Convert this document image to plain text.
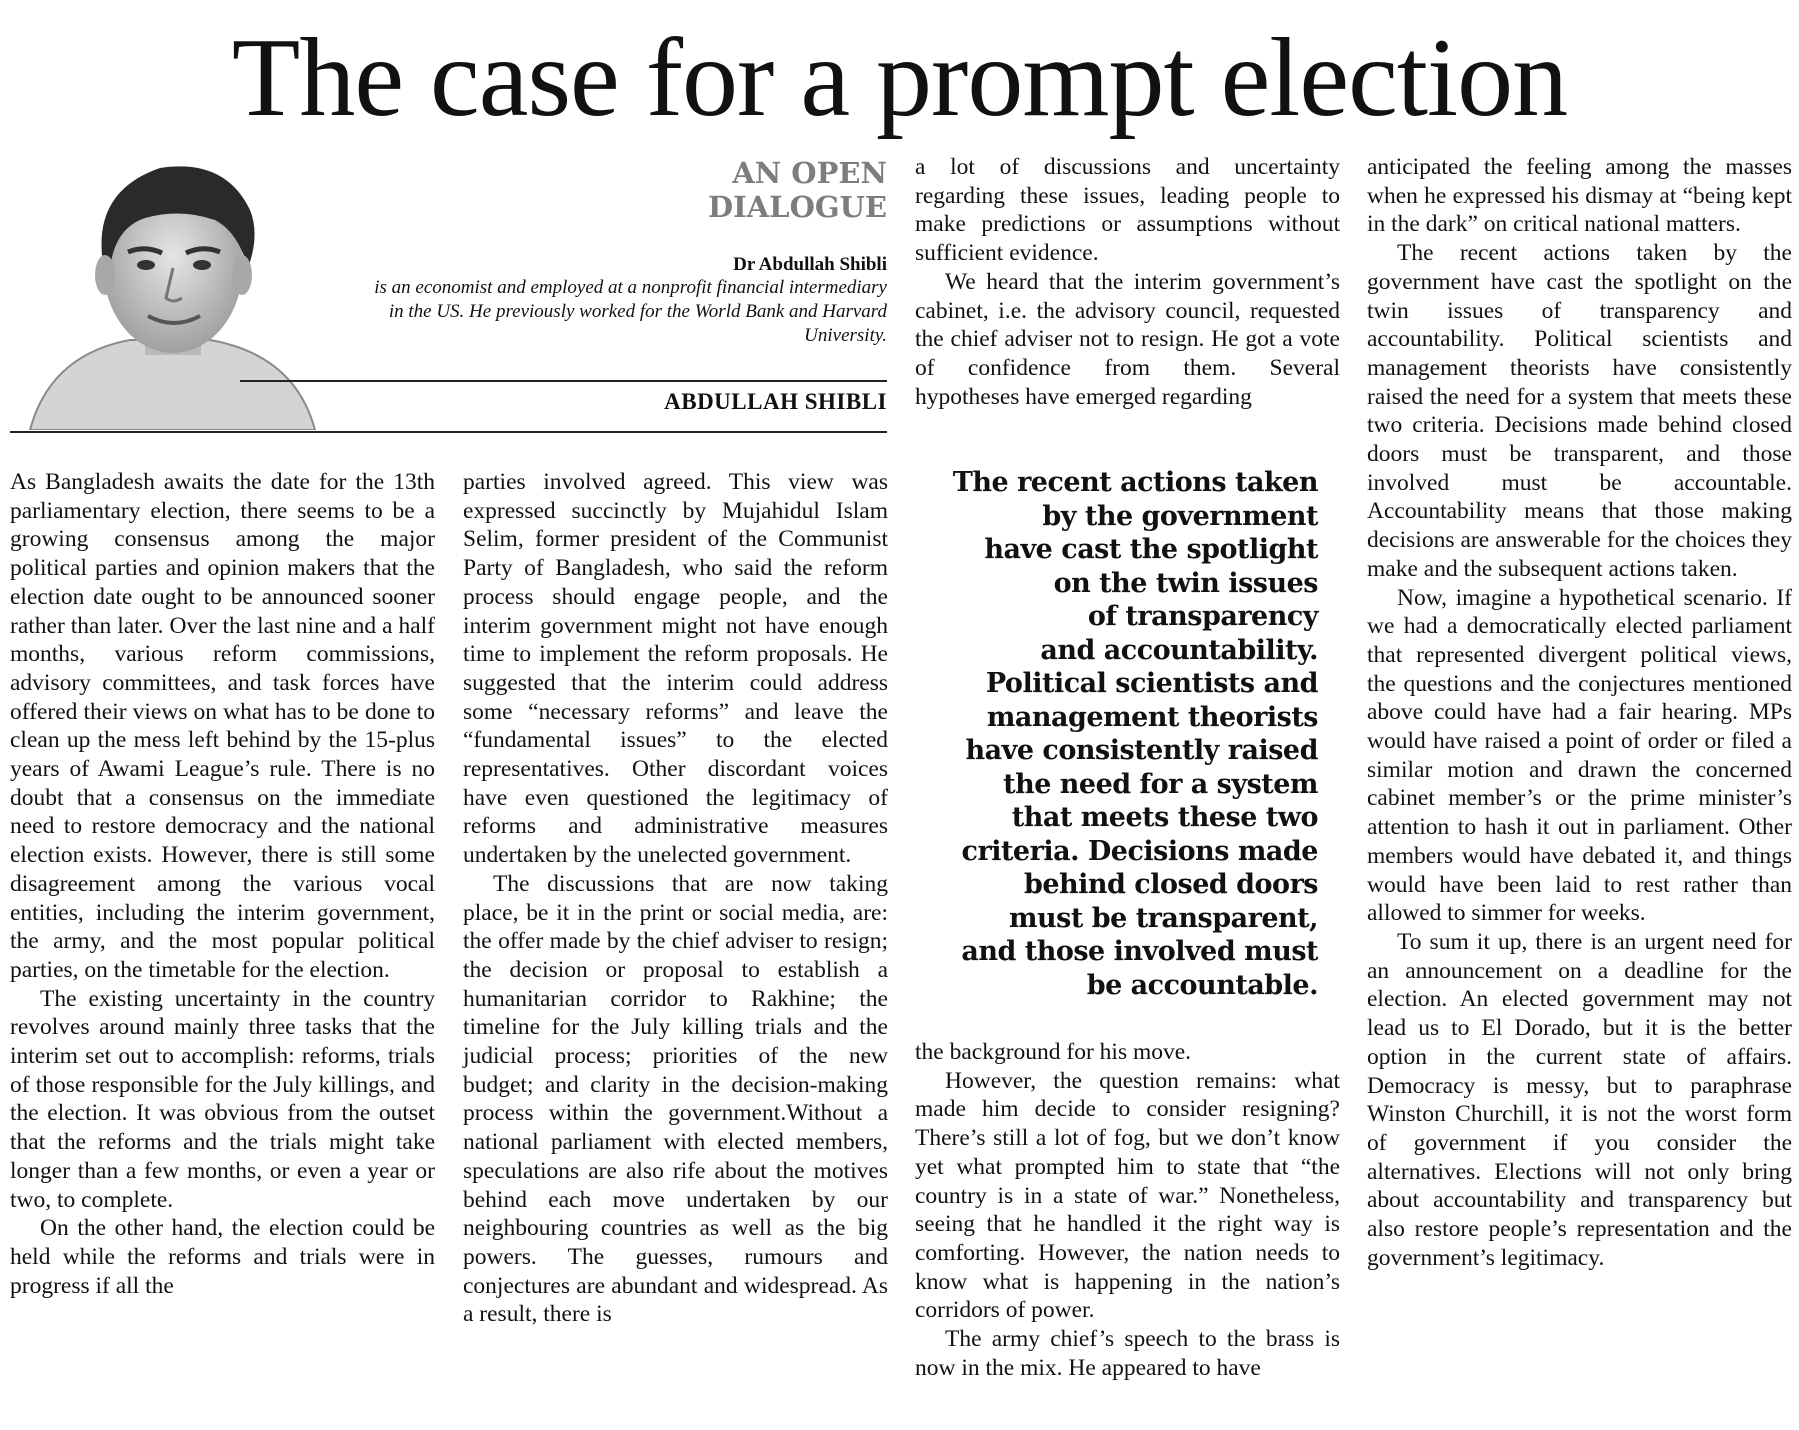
The case for a prompt election
AN OPEN DIALOGUE
Dr Abdullah Shibli
is an economist and employed at a nonprofit financial intermediary in the US. He previously worked for the World Bank and Harvard University.
ABDULLAH SHIBLI

As Bangladesh awaits the date for the 13th parliamentary election, there seems to be a growing consensus among the major political parties and opinion makers that the election date ought to be announced sooner rather than later. Over the last nine and a half months, various reform commissions, advisory committees, and task forces have offered their views on what has to be done to clean up the mess left behind by the 15-plus years of Awami League’s rule. There is no doubt that a consensus on the immediate need to restore democracy and the national election exists. However, there is still some disagreement among the various vocal entities, including the interim government, the army, and the most popular political parties, on the timetable for the election.

The existing uncertainty in the country revolves around mainly three tasks that the interim set out to accomplish: reforms, trials of those responsible for the July killings, and the election. It was obvious from the outset that the reforms and the trials might take longer than a few months, or even a year or two, to complete.

On the other hand, the election could be held while the reforms and trials were in progress if all the

parties involved agreed. This view was expressed succinctly by Mujahidul Islam Selim, former president of the Communist Party of Bangladesh, who said the reform process should engage people, and the interim government might not have enough time to implement the reform proposals. He suggested that the interim could address some “necessary reforms” and leave the “fundamental issues” to the elected representatives. Other discordant voices have even questioned the legitimacy of reforms and administrative measures undertaken by the unelected government.

The discussions that are now taking place, be it in the print or social media, are: the offer made by the chief adviser to resign; the decision or proposal to establish a humanitarian corridor to Rakhine; the timeline for the July killing trials and the judicial process; priorities of the new budget; and clarity in the decision-making process within the government.Without a national parliament with elected members, speculations are also rife about the motives behind each move undertaken by our neighbouring countries as well as the big powers. The guesses, rumours and conjectures are abundant and widespread. As a result, there is

a lot of discussions and uncertainty regarding these issues, leading people to make predictions or assumptions without sufficient evidence.

We heard that the interim government’s cabinet, i.e. the advisory council, requested the chief adviser not to resign. He got a vote of confidence from them. Several hypotheses have emerged regarding

The recent actions taken
by the government
have cast the spotlight
on the twin issues
of transparency
and accountability.
Political scientists and
management theorists
have consistently raised
the need for a system
that meets these two
criteria. Decisions made
behind closed doors
must be transparent,
and those involved must
be accountable.

the background for his move.

However, the question remains: what made him decide to consider resigning? There’s still a lot of fog, but we don’t know yet what prompted him to state that “the country is in a state of war.” Nonetheless, seeing that he handled it the right way is comforting. However, the nation needs to know what is happening in the nation’s corridors of power.

The army chief’s speech to the brass is now in the mix. He appeared to have

anticipated the feeling among the masses when he expressed his dismay at “being kept in the dark” on critical national matters.

The recent actions taken by the government have cast the spotlight on the twin issues of transparency and accountability. Political scientists and management theorists have consistently raised the need for a system that meets these two criteria. Decisions made behind closed doors must be transparent, and those involved must be accountable. Accountability means that those making decisions are answerable for the choices they make and the subsequent actions taken.

Now, imagine a hypothetical scenario. If we had a democratically elected parliament that represented divergent political views, the questions and the conjectures mentioned above could have had a fair hearing. MPs would have raised a point of order or filed a similar motion and drawn the concerned cabinet member’s or the prime minister’s attention to hash it out in parliament. Other members would have debated it, and things would have been laid to rest rather than allowed to simmer for weeks.

To sum it up, there is an urgent need for an announcement on a deadline for the election. An elected government may not lead us to El Dorado, but it is the better option in the current state of affairs. Democracy is messy, but to paraphrase Winston Churchill, it is not the worst form of government if you consider the alternatives. Elections will not only bring about accountability and transparency but also restore people’s representation and the government’s legitimacy.
